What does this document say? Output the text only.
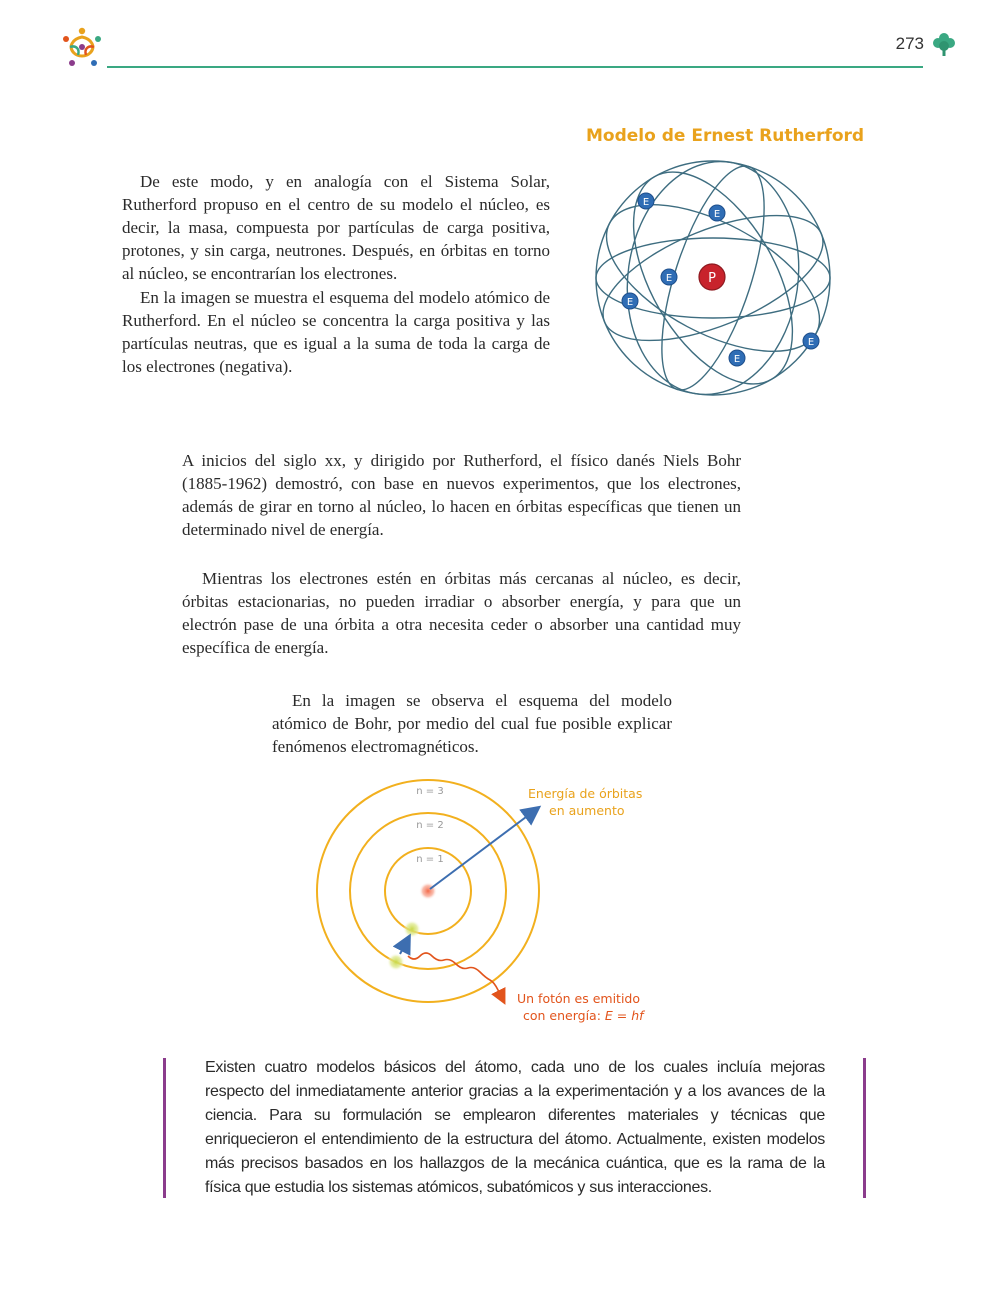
273
Modelo de Ernest Rutherford
P
E
E
E
E
E
E
De este modo, y en analogía con el Sistema Solar, Rutherford propuso en el centro de su modelo el núcleo, es decir, la masa, compuesta por partículas de carga positiva, protones, y sin carga, neutrones. Después, en órbitas en torno al núcleo, se encontrarían los electrones.
En la imagen se muestra el esquema del modelo atómico de Rutherford. En el núcleo se concentra la carga positiva y las partículas neutras, que es igual a la suma de toda la carga de los electrones (negativa).
A inicios del siglo xx, y dirigido por Rutherford, el físico danés Niels Bohr (1885-1962) demostró, con base en nuevos experimentos, que los electrones, además de girar en torno al núcleo, lo hacen en órbitas específicas que tienen un determinado nivel de energía.
Mientras los electrones estén en órbitas más cercanas al núcleo, es decir, órbitas estacionarias, no pueden irradiar o absorber energía, y para que un electrón pase de una órbita a otra necesita ceder o absorber una cantidad muy específica de energía.
En la imagen se observa el esquema del modelo atómico de Bohr, por medio del cual fue posible explicar fenómenos electromagnéticos.
n = 1
n = 2
n = 3	Energía de órbitas
en aumento
Un fotón es emitido
con energía: E = hf
Existen cuatro modelos básicos del átomo, cada uno de los cuales incluía mejoras respecto del inmediatamente anterior gracias a la experimentación y a los avances de la ciencia. Para su formulación se emplearon diferentes materiales y técnicas que enriquecieron el entendimiento de la estructura del átomo. Actualmente, existen modelos más precisos basados en los hallazgos de la mecánica cuántica, que es la rama de la física que estudia los sistemas atómicos, subatómicos y sus interacciones.
